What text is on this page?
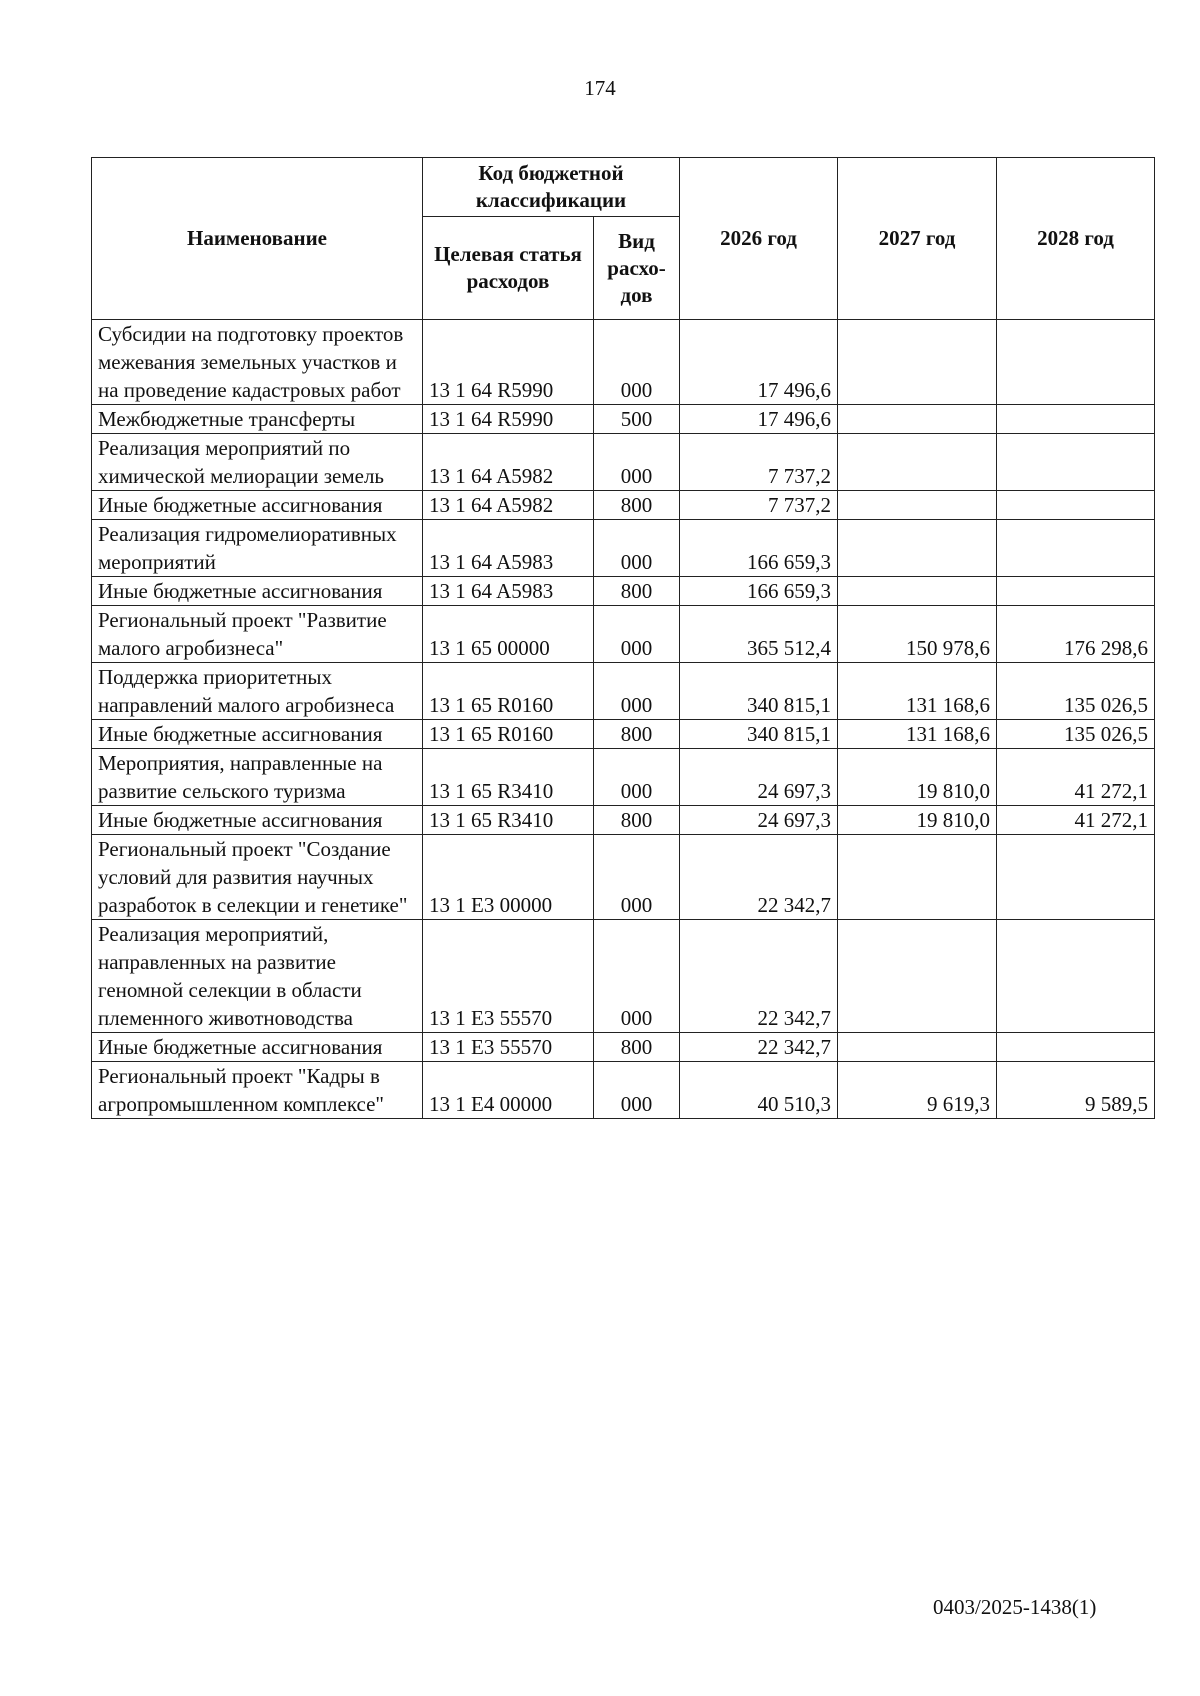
174
Наименование	Код бюджетной классификации		2026 год	2027 год	2028 год
	Целевая статья расходов	Вид расхо-дов			
Субсидии на подготовку проектов межевания земельных участков и на проведение кадастровых работ	13 1 64 R5990	000	17 496,6		
Межбюджетные трансферты	13 1 64 R5990	500	17 496,6		
Реализация мероприятий по химической мелиорации земель	13 1 64 A5982	000	7 737,2		
Иные бюджетные ассигнования	13 1 64 A5982	800	7 737,2		
Реализация гидромелиоративных мероприятий	13 1 64 A5983	000	166 659,3		
Иные бюджетные ассигнования	13 1 64 A5983	800	166 659,3		
Региональный проект "Развитие малого агробизнеса"	13 1 65 00000	000	365 512,4	150 978,6	176 298,6
Поддержка приоритетных направлений малого агробизнеса	13 1 65 R0160	000	340 815,1	131 168,6	135 026,5
Иные бюджетные ассигнования	13 1 65 R0160	800	340 815,1	131 168,6	135 026,5
Мероприятия, направленные на развитие сельского туризма	13 1 65 R3410	000	24 697,3	19 810,0	41 272,1
Иные бюджетные ассигнования	13 1 65 R3410	800	24 697,3	19 810,0	41 272,1
Региональный проект "Создание условий для развития научных разработок в селекции и генетике"	13 1 E3 00000	000	22 342,7		
Реализация мероприятий, направленных на развитие геномной селекции в области племенного животноводства	13 1 E3 55570	000	22 342,7		
Иные бюджетные ассигнования	13 1 E3 55570	800	22 342,7		
Региональный проект "Кадры в агропромышленном комплексе"	13 1 E4 00000	000	40 510,3	9 619,3	9 589,5
0403/2025-1438(1)
